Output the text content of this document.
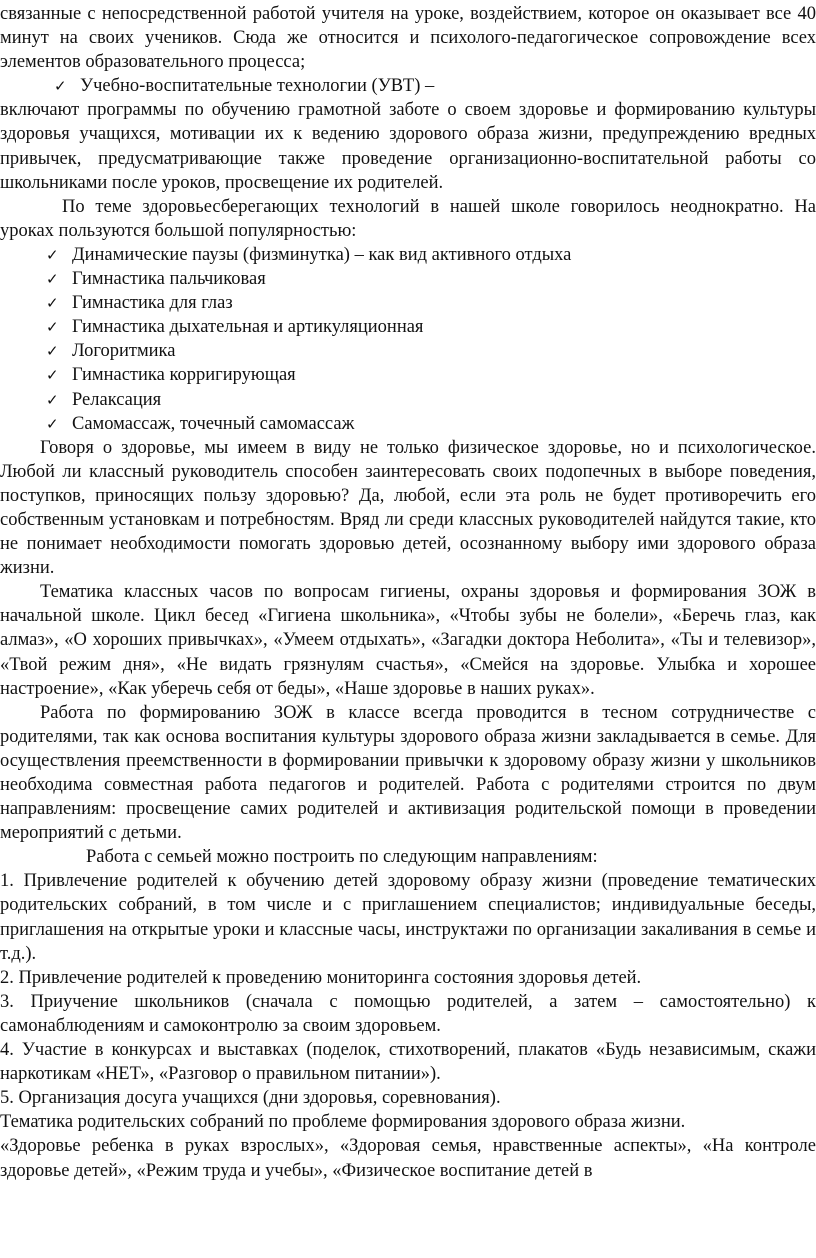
связанные с непосредственной работой учителя на уроке, воздействием, которое он оказывает все 40 минут на своих учеников. Сюда же относится и психолого-педагогическое сопровождение всех элементов образовательного процесса;

✓ Учебно-воспитательные технологии (УВТ) –

включают программы по обучению грамотной заботе о своем здоровье и формированию культуры здоровья учащихся, мотивации их к ведению здорового образа жизни, предупреждению вредных привычек, предусматривающие также проведение организационно-воспитательной работы со школьниками после уроков, просвещение их родителей.

По теме здоровьесберегающих технологий в нашей школе говорилось неоднократно. На уроках пользуются большой популярностью:

✓ Динамические паузы (физминутка) – как вид активного отдыха
✓ Гимнастика пальчиковая
✓ Гимнастика для глаз
✓ Гимнастика дыхательная и артикуляционная
✓ Логоритмика
✓ Гимнастика корригирующая
✓ Релаксация
✓ Самомассаж, точечный самомассаж

Говоря о здоровье, мы имеем в виду не только физическое здоровье, но и психологическое. Любой ли классный руководитель способен заинтересовать своих подопечных в выборе поведения, поступков, приносящих пользу здоровью? Да, любой, если эта роль не будет противоречить его собственным установкам и потребностям. Вряд ли среди классных руководителей найдутся такие, кто не понимает необходимости помогать здоровью детей, осознанному выбору ими здорового образа жизни.

Тематика классных часов по вопросам гигиены, охраны здоровья и формирования ЗОЖ в начальной школе. Цикл бесед «Гигиена школьника», «Чтобы зубы не болели», «Беречь глаз, как алмаз», «О хороших привычках», «Умеем отдыхать», «Загадки доктора Неболита», «Ты и телевизор», «Твой режим дня», «Не видать грязнулям счастья», «Смейся на здоровье. Улыбка и хорошее настроение», «Как уберечь себя от беды», «Наше здоровье в наших руках».

Работа по формированию ЗОЖ в классе всегда проводится в тесном сотрудничестве с родителями, так как основа воспитания культуры здорового образа жизни закладывается в семье. Для осуществления преемственности в формировании привычки к здоровому образу жизни у школьников необходима совместная работа педагогов и родителей. Работа с родителями строится по двум направлениям: просвещение самих родителей и активизация родительской помощи в проведении мероприятий с детьми.

Работа с семьей можно построить по следующим направлениям:

1. Привлечение родителей к обучению детей здоровому образу жизни (проведение тематических родительских собраний, в том числе и с приглашением специалистов; индивидуальные беседы, приглашения на открытые уроки и классные часы, инструктажи по организации закаливания в семье и т.д.).

2. Привлечение родителей к проведению мониторинга состояния здоровья детей.

3. Приучение школьников (сначала с помощью родителей, а затем – самостоятельно) к самонаблюдениям и самоконтролю за своим здоровьем.

4. Участие в конкурсах и выставках (поделок, стихотворений, плакатов «Будь независимым, скажи наркотикам «НЕТ», «Разговор о правильном питании»).

5. Организация досуга учащихся (дни здоровья, соревнования).

Тематика родительских собраний по проблеме формирования здорового образа жизни.

«Здоровье ребенка в руках взрослых», «Здоровая семья, нравственные аспекты», «На контроле здоровье детей», «Режим труда и учебы», «Физическое воспитание детей в
